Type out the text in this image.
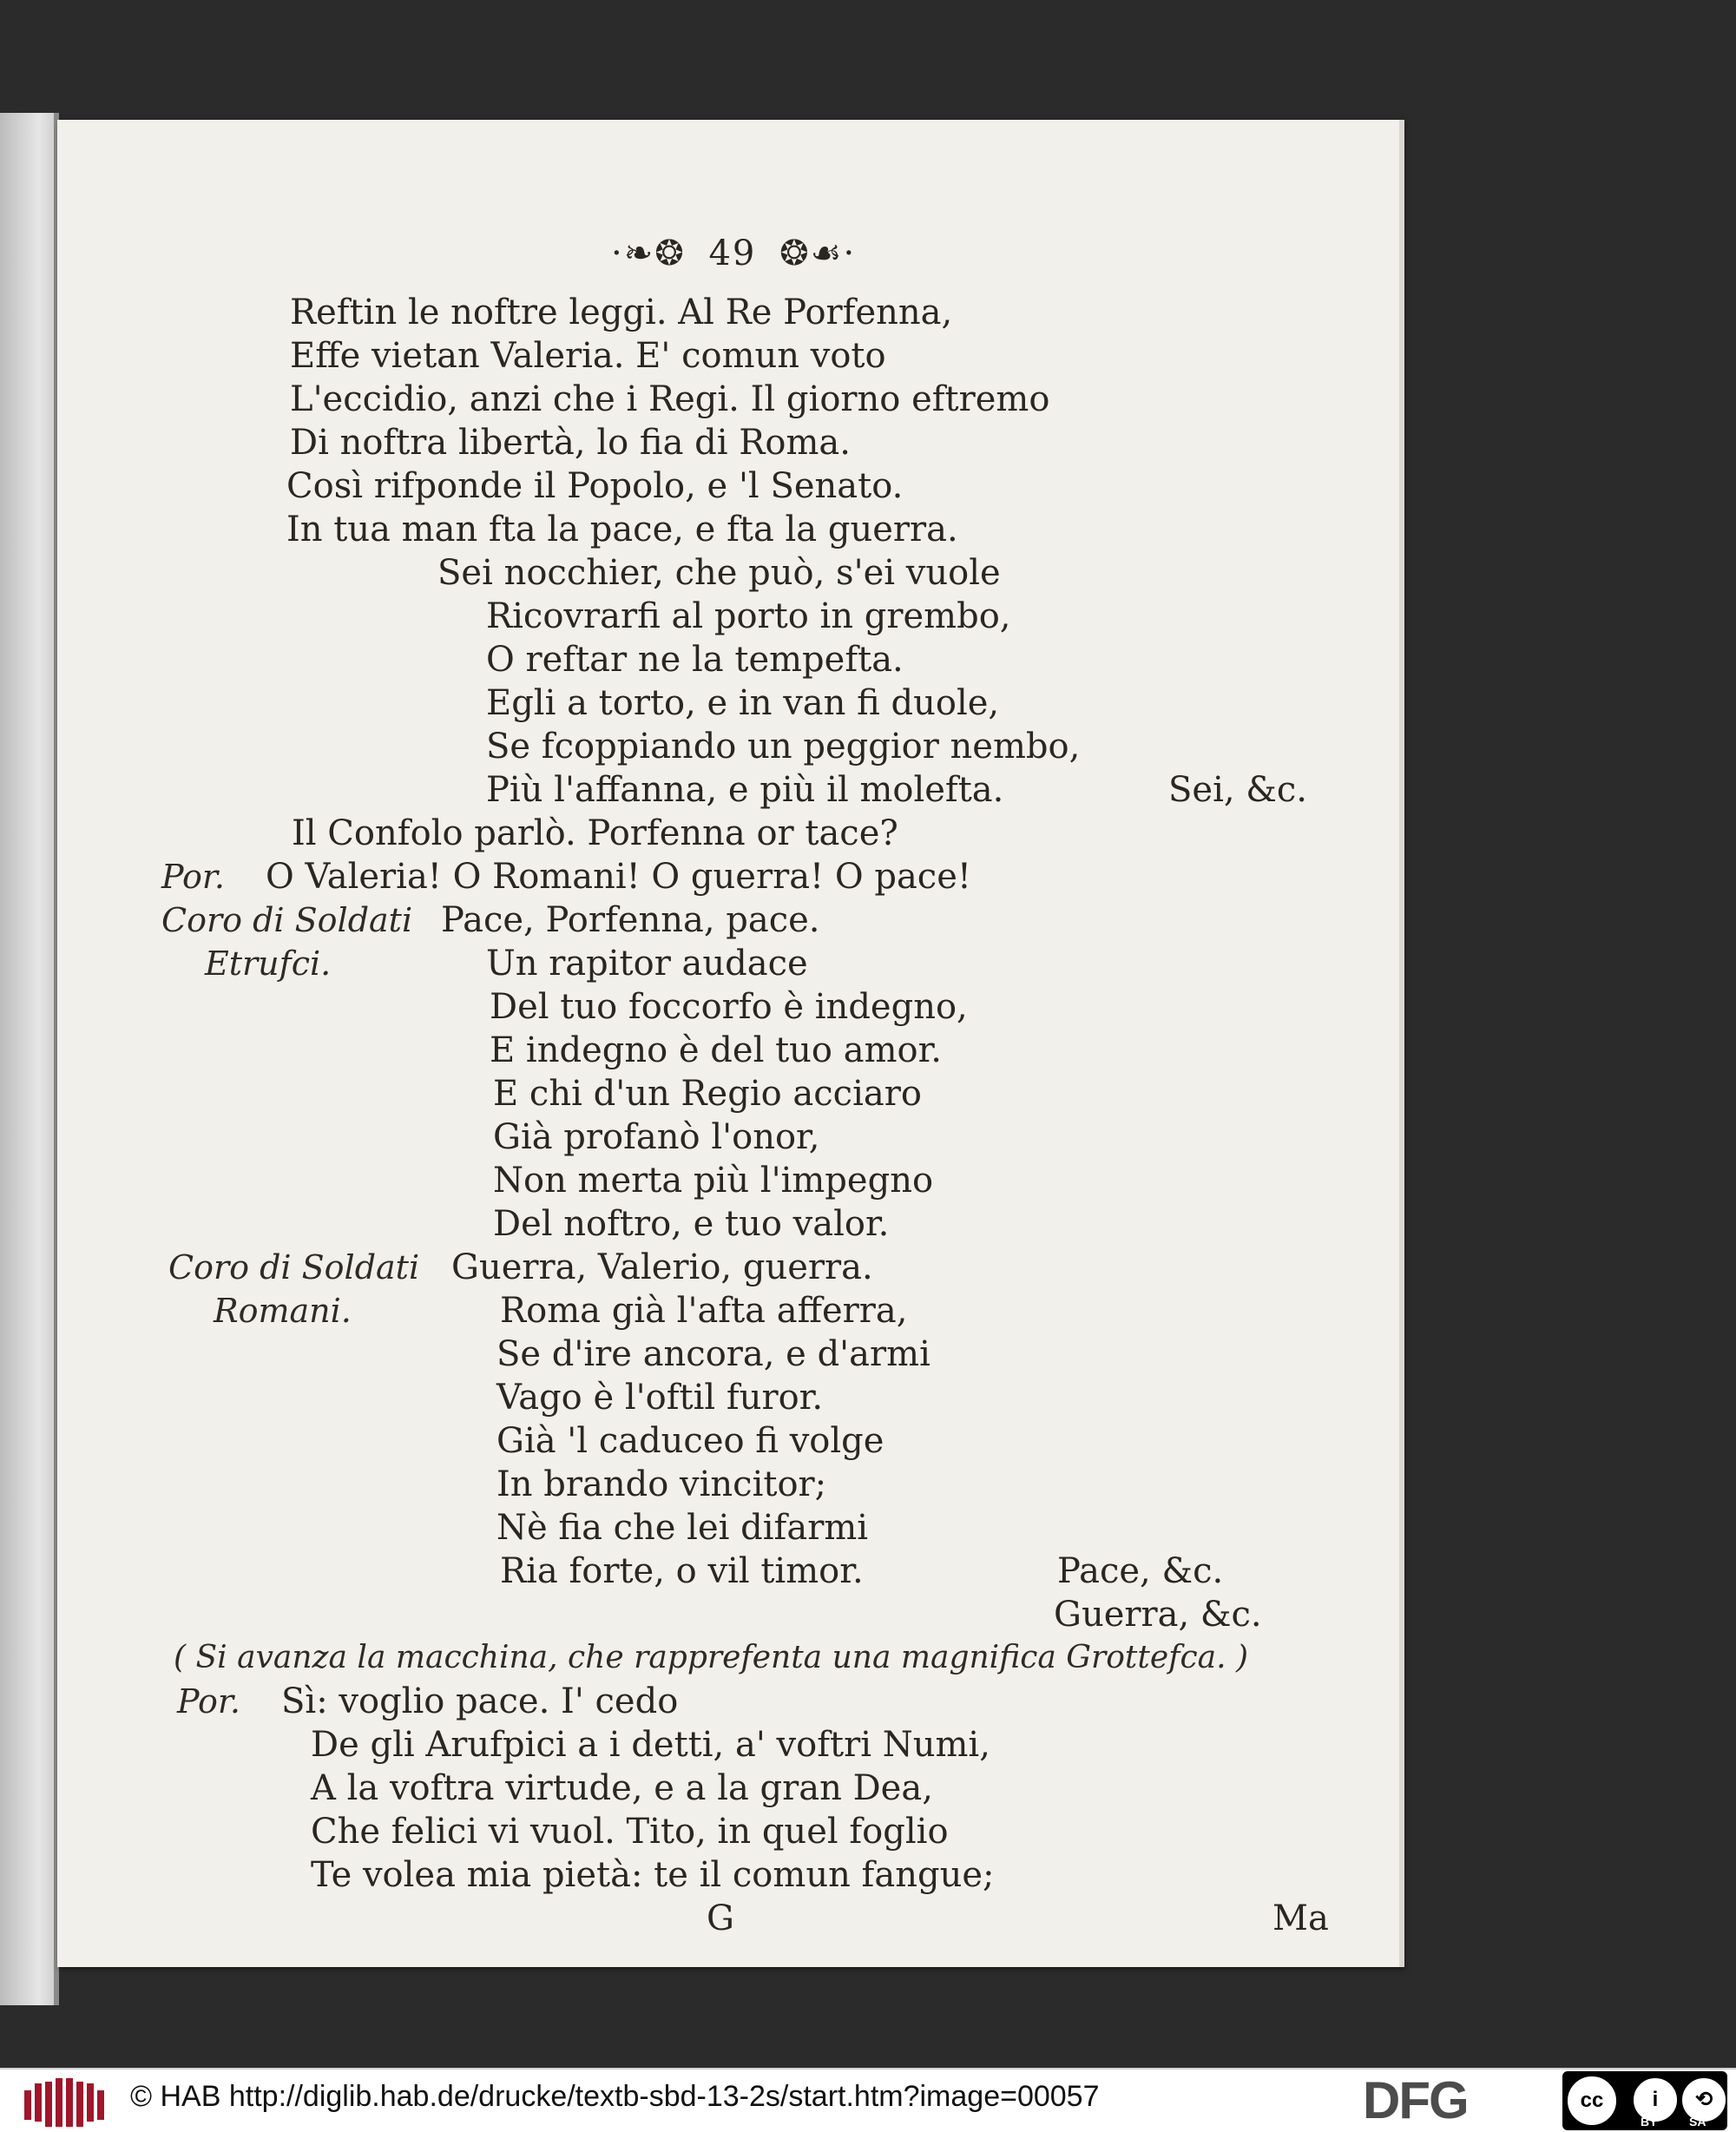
·❧❂ 49 ❂☙·
Reftin le noftre leggi. Al Re Porfenna,
Effe vietan Valeria. E' comun voto
L'eccidio, anzi che i Regi. Il giorno eftremo
Di noftra libertà, lo fia di Roma.
Così rifponde il Popolo, e 'l Senato.
In tua man fta la pace, e fta la guerra.
Sei nocchier, che può, s'ei vuole
Ricovrarfi al porto in grembo,
O reftar ne la tempefta.
Egli a torto, e in van fi duole,
Se fcoppiando un peggior nembo,
Più l'affanna, e più il molefta.	Sei, &c.
Il Confolo parlò. Porfenna or tace?
Por. O Valeria! O Romani! O guerra! O pace!
Coro di Soldati Pace, Porfenna, pace.
Etrufci.	Un rapitor audace
Del tuo foccorfo è indegno,
E indegno è del tuo amor.
E chi d'un Regio acciaro
Già profanò l'onor,
Non merta più l'impegno
Del noftro, e tuo valor.
Coro di Soldati Guerra, Valerio, guerra.
Romani.	Roma già l'afta afferra,
Se d'ire ancora, e d'armi
Vago è l'oftil furor.
Già 'l caduceo fi volge
In brando vincitor;
Nè fia che lei difarmi
Ria forte, o vil timor.	Pace, &c.
Guerra, &c.
( Si avanza la macchina, che rapprefenta una magnifica Grottefca. )
Por. Sì: voglio pace. I' cedo
De gli Arufpici a i detti, a' voftri Numi,
A la voftra virtude, e a la gran Dea,
Che felici vi vuol. Tito, in quel foglio
Te volea mia pietà: te il comun fangue;
G	Ma
© HAB http://diglib.hab.de/drucke/textb-sbd-13-2s/start.htm?image=00057	DFG	cc	i	⟲
BY	SA
